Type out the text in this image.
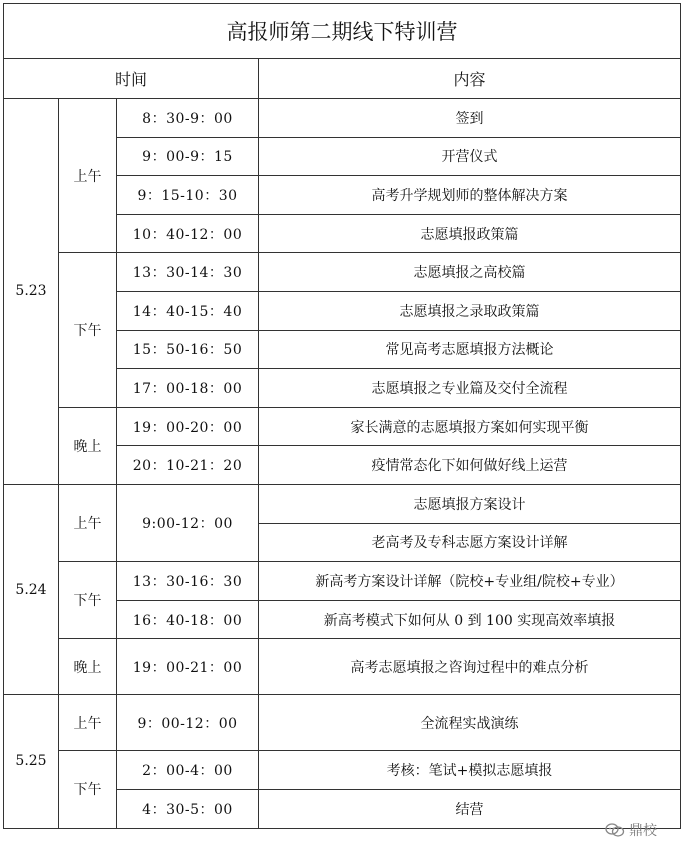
高报师第二期线下特训营			
时间			内容
5.23	上午	8：30-9：00	签到
		9：00-9：15	开营仪式
		9：15-10：30	高考升学规划师的整体解决方案
		10：40-12：00	志愿填报政策篇
	下午	13：30-14：30	志愿填报之高校篇
		14：40-15：40	志愿填报之录取政策篇
		15：50-16：50	常见高考志愿填报方法概论
		17：00-18：00	志愿填报之专业篇及交付全流程
	晚上	19：00-20：00	家长满意的志愿填报方案如何实现平衡
		20：10-21：20	疫情常态化下如何做好线上运营
5.24	上午	9:00-12：00	志愿填报方案设计
			老高考及专科志愿方案设计详解
	下午	13：30-16：30	新高考方案设计详解（院校+专业组/院校+专业）
		16：40-18：00	新高考模式下如何从 0 到 100 实现高效率填报
	晚上	19：00-21：00	高考志愿填报之咨询过程中的难点分析
5.25	上午	9：00-12：00	全流程实战演练
	下午	2：00-4：00	考核：笔试+模拟志愿填报
		4：30-5：00	结营
鼎校
